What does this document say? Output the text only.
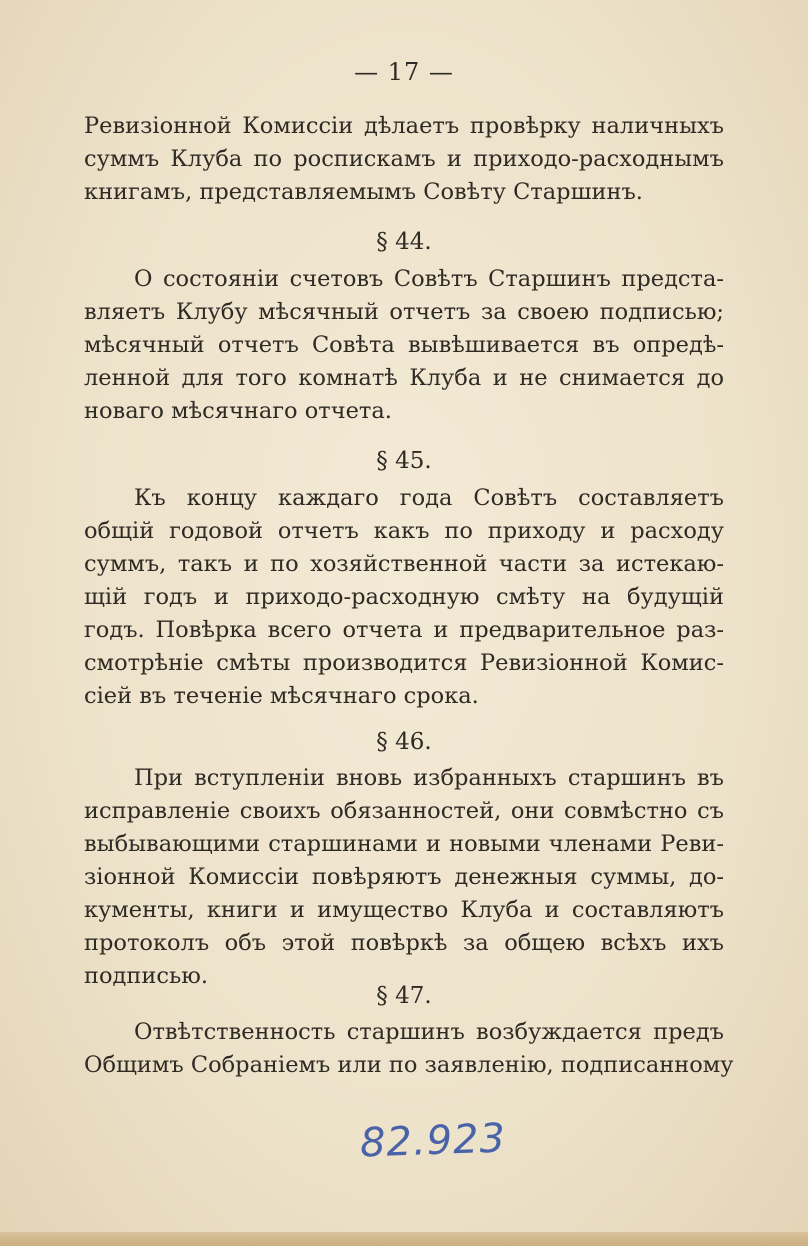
— 17 —
Ревизіонной Комиссіи дѣлаетъ провѣрку наличныхъ
суммъ Клуба по роспискамъ и приходо-расходнымъ
книгамъ, представляемымъ Совѣту Старшинъ.
§ 44.
О состояніи счетовъ Совѣтъ Старшинъ предста-
вляетъ Клубу мѣсячный отчетъ за своею подписью;
мѣсячный отчетъ Совѣта вывѣшивается въ опредѣ-
ленной для того комнатѣ Клуба и не снимается до
новаго мѣсячнаго отчета.
§ 45.
Къ концу каждаго года Совѣтъ составляетъ
общій годовой отчетъ какъ по приходу и расходу
суммъ, такъ и по хозяйственной части за истекаю-
щій годъ и приходо-расходную смѣту на будущій
годъ. Повѣрка всего отчета и предварительное раз-
смотрѣніе смѣты производится Ревизіонной Комис-
сіей въ теченіе мѣсячнаго срока.
§ 46.
При вступленіи вновь избранныхъ старшинъ въ
исправленіе своихъ обязанностей, они совмѣстно съ
выбывающими старшинами и новыми членами Реви-
зіонной Комиссіи повѣряютъ денежныя суммы, до-
кументы, книги и имущество Клуба и составляютъ
протоколъ объ этой повѣркѣ за общею всѣхъ ихъ
подписью.
§ 47.
Отвѣтственность старшинъ возбуждается предъ
Общимъ Собраніемъ или по заявленію, подписанному
82.923
